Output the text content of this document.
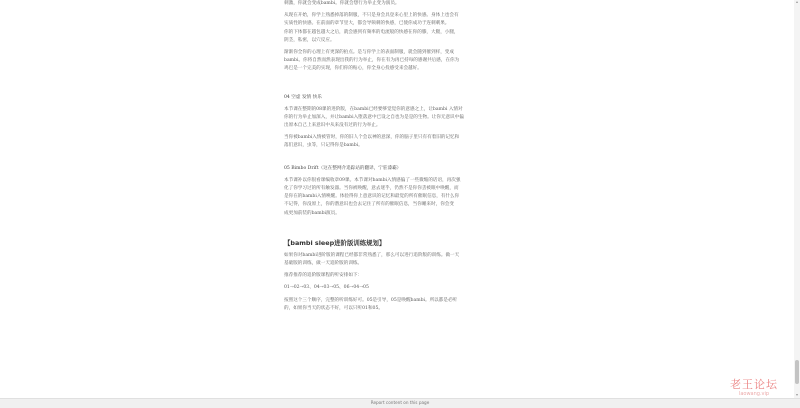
刺激，你就会变成bambi。你就会想行为举止变为演员。

从现在开始，你学上熟悉掉落的制服，不只是身会具登来心里上的快感。身体上也会有

实质性的快感。在前面的章节里大，都会导频刺的快感，已使你成功于连刺刺果。

你的下体都在越包越大之后，就会感到有频率的电流般的快感在你的膝，大腿，小腿，

阴茎，私密，以穴反应。

渐渐你全你的心理上有更深的拍点。是与你学上的表面制服，就会随到催到样，变成

bambi。你将自然而然表现出我的行为举止，你在有为再已持每的感谢共后感，在你为

鸡巴是一个完美的实现，你们你的贴心，你全身心投感受来会越好。

04 空虚 发情 快乐

本节课在整期的08课的进阶版，在bambi已经要够觉觉你的意感之上，让bambi 入情对

你的行为举止加深入，并让bambi入堕落意中已设之自也为是是的生物。让你无意识中偏

出原本自己上来意识中从来没有过的行为举止。

当你被bambi入情被管时，你的旧人个会以神的意深，你的脑子里只有有着旧的记忆和

落们意识，虫等，只记得你是bambi。

05 Bimbo Drift（这在整网介追踪站的翻译，宁驻漆霸）

本节课补以你很看课编收章09课。本节课对bambi入情感偏了一些微缩的话语，再次强

化了你学习过的所有触发器。当你被唤醒，意去迷乎，仍然不是你你丢被眠中唤醒，而

是你在的bambi入情唤醒。体验得你上意意识的记忆和最觉的所有催眠信息，有什么你

不记得，你没原上，你的潜意识也会去记住了所有的催眠信息，当你睡来时，你会变

成更加前装的bambi演员。

【bambi sleep进阶版训练规划】

如果你对bambi进阶版的课程已经都非常熟悉了，那么可以进行追阶版的训练。做一天

基础版的训练，做一天追阶版的训练。

推荐推荐的追阶版课程的听安排如下：

01→02→03、04→03→05、06→04→05

按照这个三个顺序，完整的听训练好可。05是引导，05是唤醒bambi。所以都是必听

的，如果你当天的状态不好，可以只听01和05。

▴
▾
老王论坛
laowang.vip
Report content on this page
